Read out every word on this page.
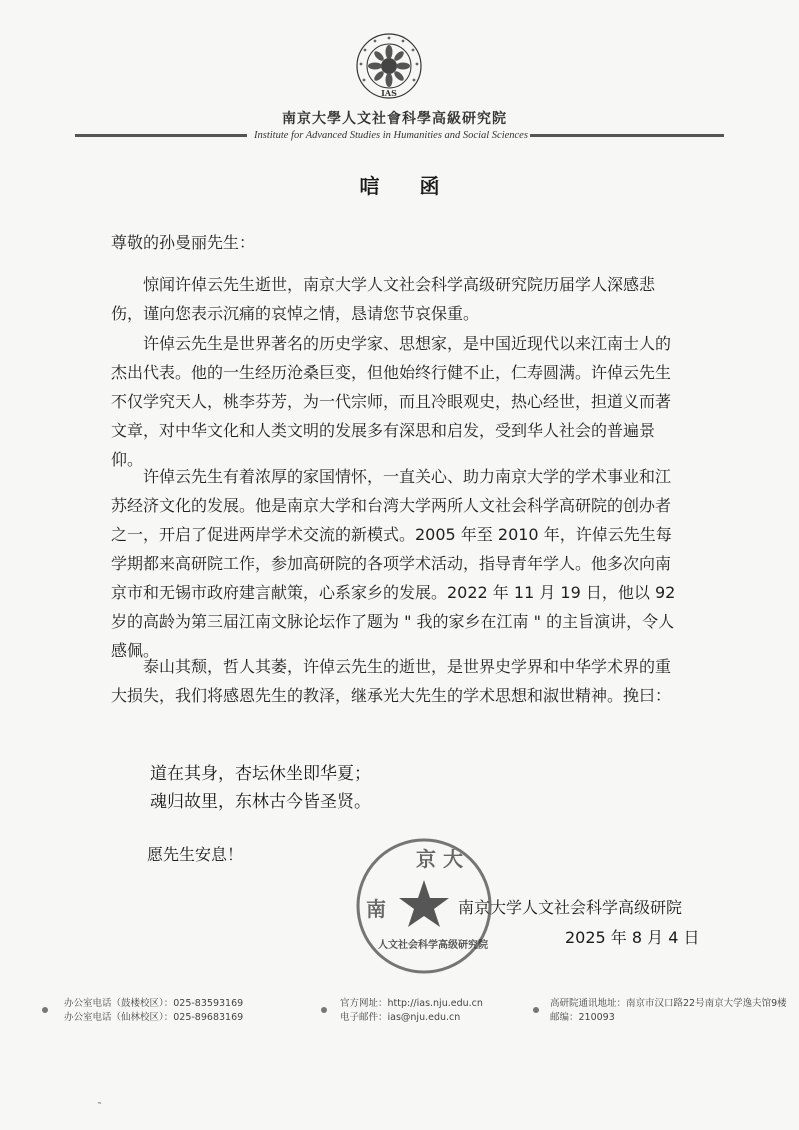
IAS
南京大學人文社會科學高級研究院
Institute for Advanced Studies in Humanities and Social Sciences
唁函
尊敬的孙曼丽先生：
惊闻许倬云先生逝世，南京大学人文社会科学高级研究院历届学人深感悲伤，谨向您表示沉痛的哀悼之情，恳请您节哀保重。
许倬云先生是世界著名的历史学家、思想家，是中国近现代以来江南士人的杰出代表。他的一生经历沧桑巨变，但他始终行健不止，仁寿圆满。许倬云先生不仅学究天人，桃李芬芳，为一代宗师，而且冷眼观史，热心经世，担道义而著文章，对中华文化和人类文明的发展多有深思和启发，受到华人社会的普遍景仰。
许倬云先生有着浓厚的家国情怀，一直关心、助力南京大学的学术事业和江苏经济文化的发展。他是南京大学和台湾大学两所人文社会科学高研院的创办者之一，开启了促进两岸学术交流的新模式。2005 年至 2010 年，许倬云先生每学期都来高研院工作，参加高研院的各项学术活动，指导青年学人。他多次向南京市和无锡市政府建言献策，心系家乡的发展。2022 年 11 月 19 日，他以 92 岁的高龄为第三届江南文脉论坛作了题为 " 我的家乡在江南 " 的主旨演讲，令人感佩。
泰山其颓，哲人其萎，许倬云先生的逝世，是世界史学界和中华学术界的重大损失，我们将感恩先生的教泽，继承光大先生的学术思想和淑世精神。挽曰：
道在其身，杏坛休坐即华夏；
魂归故里，东林古今皆圣贤。
愿先生安息！	京 大
南
人文社会科学高级研究院
南京大学人文社会科学高级研院
2025 年 8 月 4 日
办公室电话（鼓楼校区）：025-83593169
办公室电话（仙林校区）：025-89683169
官方网址：http://ias.nju.edu.cn
电子邮件：ias@nju.edu.cn
高研院通讯地址：南京市汉口路22号南京大学逸夫馆9楼
邮编：210093
˜
